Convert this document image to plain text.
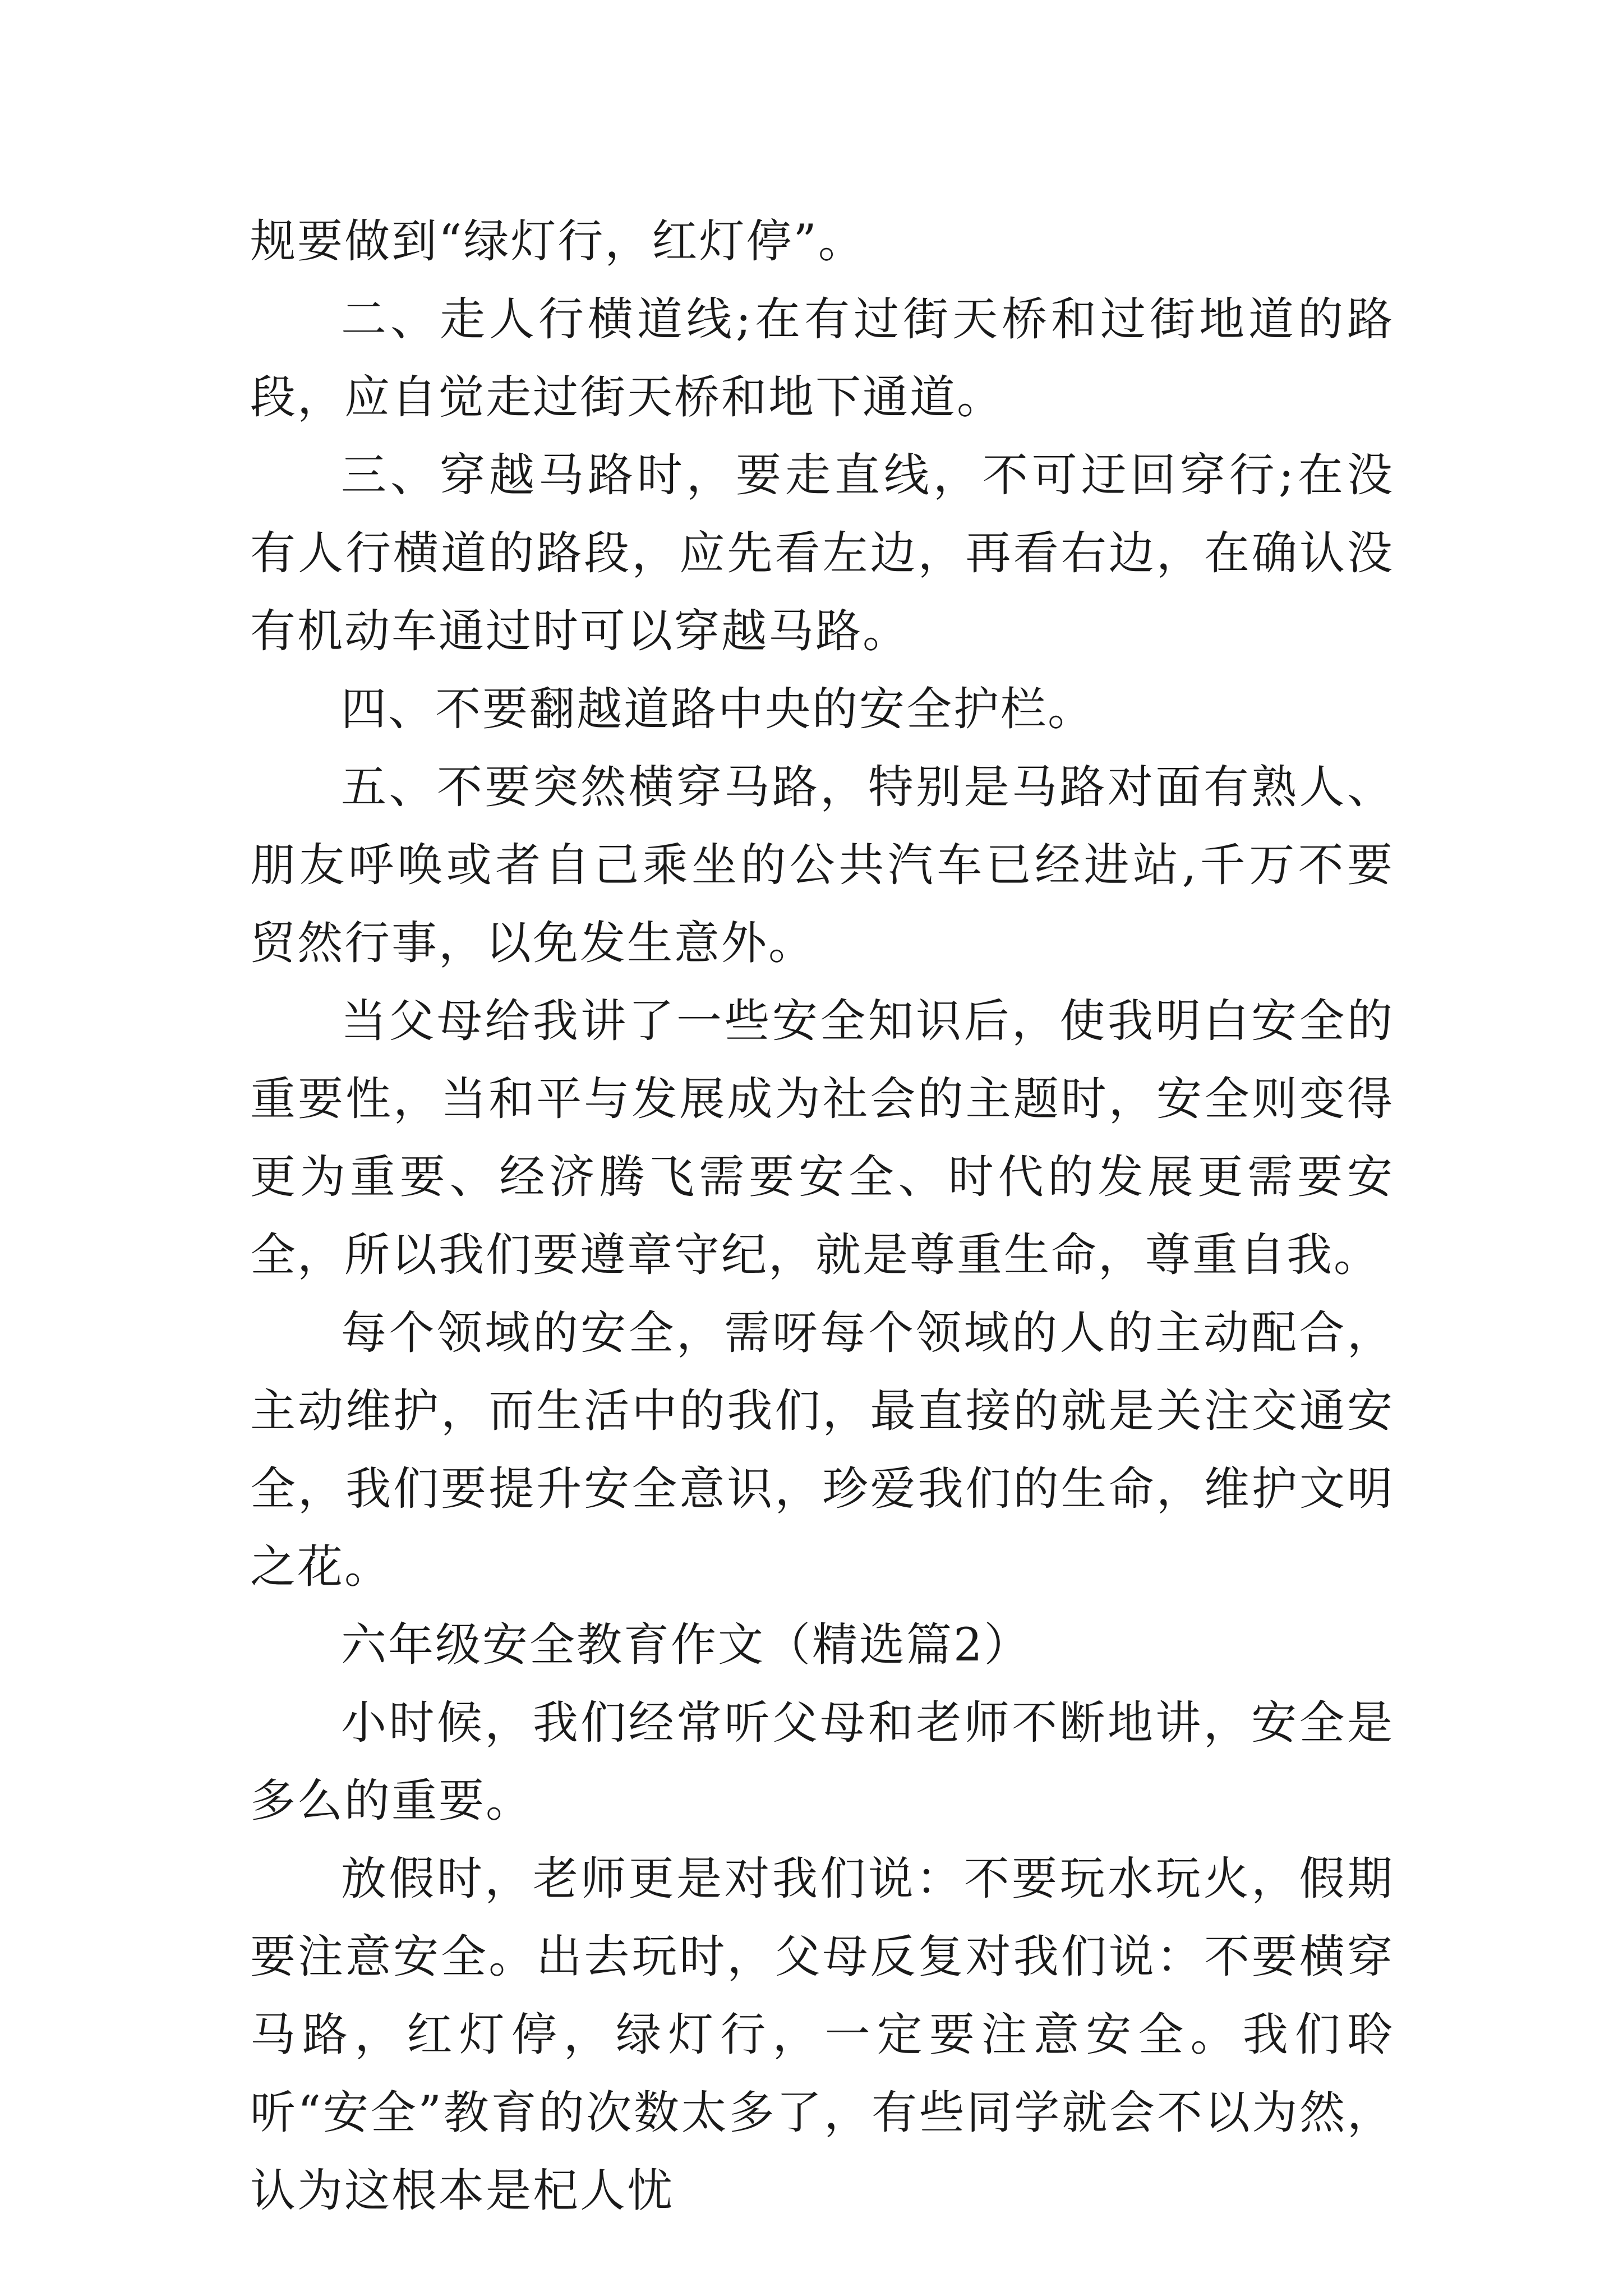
规要做到“绿灯行，红灯停”。

二、走人行横道线;在有过街天桥和过街地道的路段，应自觉走过街天桥和地下通道。

三、穿越马路时，要走直线，不可迂回穿行;在没有人行横道的路段，应先看左边，再看右边，在确认没有机动车通过时可以穿越马路。

四、不要翻越道路中央的安全护栏。

五、不要突然横穿马路，特别是马路对面有熟人、朋友呼唤或者自己乘坐的公共汽车已经进站,千万不要贸然行事，以免发生意外。

当父母给我讲了一些安全知识后，使我明白安全的重要性，当和平与发展成为社会的主题时，安全则变得更为重要、经济腾飞需要安全、时代的发展更需要安全，所以我们要遵章守纪，就是尊重生命，尊重自我。

每个领域的安全，需呀每个领域的人的主动配合，主动维护，而生活中的我们，最直接的就是关注交通安全，我们要提升安全意识，珍爱我们的生命，维护文明之花。

六年级安全教育作文（精选篇2）

小时候，我们经常听父母和老师不断地讲，安全是多么的重要。

放假时，老师更是对我们说：不要玩水玩火，假期要注意安全。出去玩时，父母反复对我们说：不要横穿马路，红灯停，绿灯行，一定要注意安全。我们聆听“安全”教育的次数太多了，有些同学就会不以为然，认为这根本是杞人忧
